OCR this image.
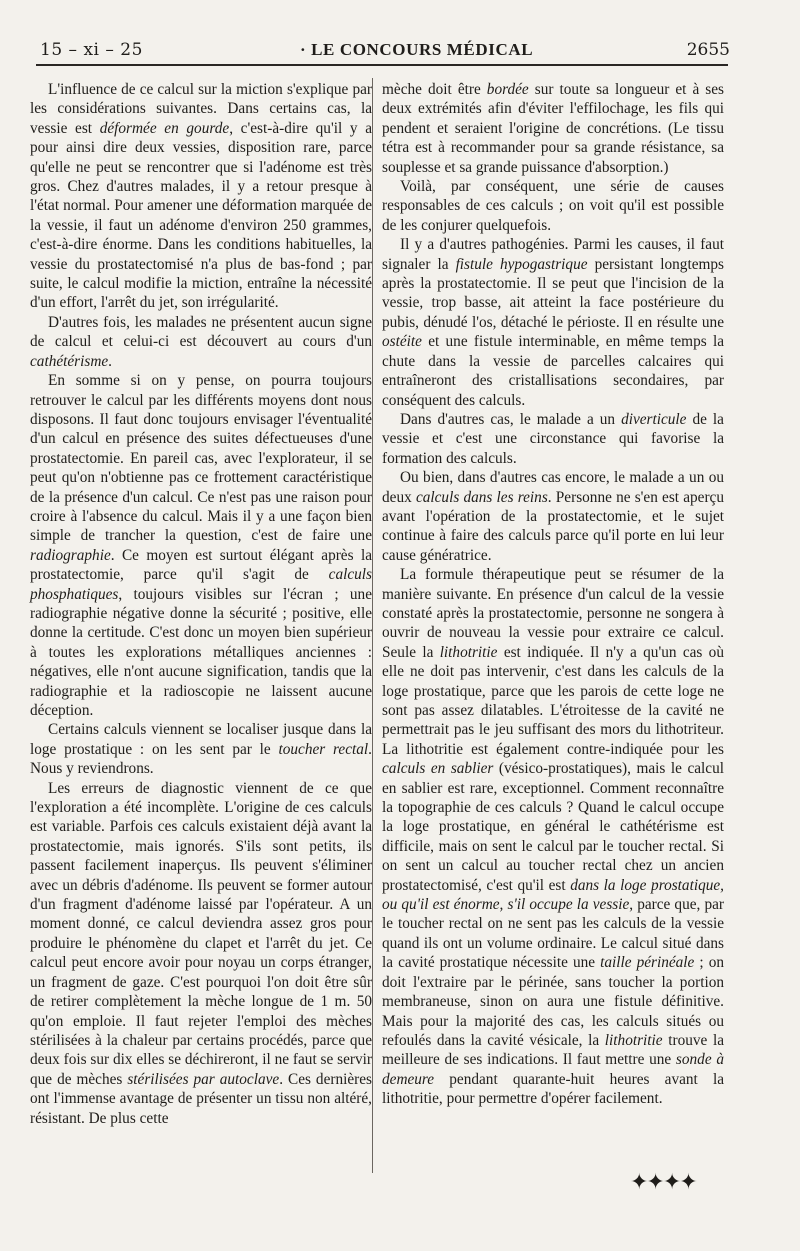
15 – xi – 25	· LE CONCOURS MÉDICAL	2655

L'influence de ce calcul sur la miction s'explique par les considérations suivantes. Dans certains cas, la vessie est déformée en gourde, c'est-à-dire qu'il y a pour ainsi dire deux vessies, disposition rare, parce qu'elle ne peut se rencontrer que si l'adénome est très gros. Chez d'autres malades, il y a retour presque à l'état normal. Pour amener une déformation marquée de la vessie, il faut un adénome d'environ 250 grammes, c'est-à-dire énorme. Dans les conditions habituelles, la vessie du prostatectomisé n'a plus de bas-fond ; par suite, le calcul modifie la miction, entraîne la nécessité d'un effort, l'arrêt du jet, son irrégularité.

D'autres fois, les malades ne présentent aucun signe de calcul et celui-ci est découvert au cours d'un cathétérisme.

En somme si on y pense, on pourra toujours retrouver le calcul par les différents moyens dont nous disposons. Il faut donc toujours envisager l'éventualité d'un calcul en présence des suites défectueuses d'une prostatectomie. En pareil cas, avec l'explorateur, il se peut qu'on n'obtienne pas ce frottement caractéristique de la présence d'un calcul. Ce n'est pas une raison pour croire à l'absence du calcul. Mais il y a une façon bien simple de trancher la question, c'est de faire une radiographie. Ce moyen est surtout élégant après la prostatectomie, parce qu'il s'agit de calculs phosphatiques, toujours visibles sur l'écran ; une radiographie négative donne la sécurité ; positive, elle donne la certitude. C'est donc un moyen bien supérieur à toutes les explorations métalliques anciennes : négatives, elle n'ont aucune signification, tandis que la radiographie et la radioscopie ne laissent aucune déception.

Certains calculs viennent se localiser jusque dans la loge prostatique : on les sent par le toucher rectal. Nous y reviendrons.

Les erreurs de diagnostic viennent de ce que l'exploration a été incomplète. L'origine de ces calculs est variable. Parfois ces calculs existaient déjà avant la prostatectomie, mais ignorés. S'ils sont petits, ils passent facilement inaperçus. Ils peuvent s'éliminer avec un débris d'adénome. Ils peuvent se former autour d'un fragment d'adénome laissé par l'opérateur. A un moment donné, ce calcul deviendra assez gros pour produire le phénomène du clapet et l'arrêt du jet. Ce calcul peut encore avoir pour noyau un corps étranger, un fragment de gaze. C'est pourquoi l'on doit être sûr de retirer complètement la mèche longue de 1 m. 50 qu'on emploie. Il faut rejeter l'emploi des mèches stérilisées à la chaleur par certains procédés, parce que deux fois sur dix elles se déchireront, il ne faut se servir que de mèches stérilisées par autoclave. Ces dernières ont l'immense avantage de présenter un tissu non altéré, résistant. De plus cette

mèche doit être bordée sur toute sa longueur et à ses deux extrémités afin d'éviter l'effilochage, les fils qui pendent et seraient l'origine de concrétions. (Le tissu tétra est à recommander pour sa grande résistance, sa souplesse et sa grande puissance d'absorption.)

Voilà, par conséquent, une série de causes responsables de ces calculs ; on voit qu'il est possible de les conjurer quelquefois.

Il y a d'autres pathogénies. Parmi les causes, il faut signaler la fistule hypogastrique persistant longtemps après la prostatectomie. Il se peut que l'incision de la vessie, trop basse, ait atteint la face postérieure du pubis, dénudé l'os, détaché le périoste. Il en résulte une ostéite et une fistule interminable, en même temps la chute dans la vessie de parcelles calcaires qui entraîneront des cristallisations secondaires, par conséquent des calculs.

Dans d'autres cas, le malade a un diverticule de la vessie et c'est une circonstance qui favorise la formation des calculs.

Ou bien, dans d'autres cas encore, le malade a un ou deux calculs dans les reins. Personne ne s'en est aperçu avant l'opération de la prostatectomie, et le sujet continue à faire des calculs parce qu'il porte en lui leur cause génératrice.

La formule thérapeutique peut se résumer de la manière suivante. En présence d'un calcul de la vessie constaté après la prostatectomie, personne ne songera à ouvrir de nouveau la vessie pour extraire ce calcul. Seule la lithotritie est indiquée. Il n'y a qu'un cas où elle ne doit pas intervenir, c'est dans les calculs de la loge prostatique, parce que les parois de cette loge ne sont pas assez dilatables. L'étroitesse de la cavité ne permettrait pas le jeu suffisant des mors du lithotriteur. La lithotritie est également contre-indiquée pour les calculs en sablier (vésico-prostatiques), mais le calcul en sablier est rare, exceptionnel. Comment reconnaître la topographie de ces calculs ? Quand le calcul occupe la loge prostatique, en général le cathétérisme est difficile, mais on sent le calcul par le toucher rectal. Si on sent un calcul au toucher rectal chez un ancien prostatectomisé, c'est qu'il est dans la loge prostatique, ou qu'il est énorme, s'il occupe la vessie, parce que, par le toucher rectal on ne sent pas les calculs de la vessie quand ils ont un volume ordinaire. Le calcul situé dans la cavité prostatique nécessite une taille périnéale ; on doit l'extraire par le périnée, sans toucher la portion membraneuse, sinon on aura une fistule définitive. Mais pour la majorité des cas, les calculs situés ou refoulés dans la cavité vésicale, la lithotritie trouve la meilleure de ses indications. Il faut mettre une sonde à demeure pendant quarante-huit heures avant la lithotritie, pour permettre d'opérer facilement.

✦✦✦✦
